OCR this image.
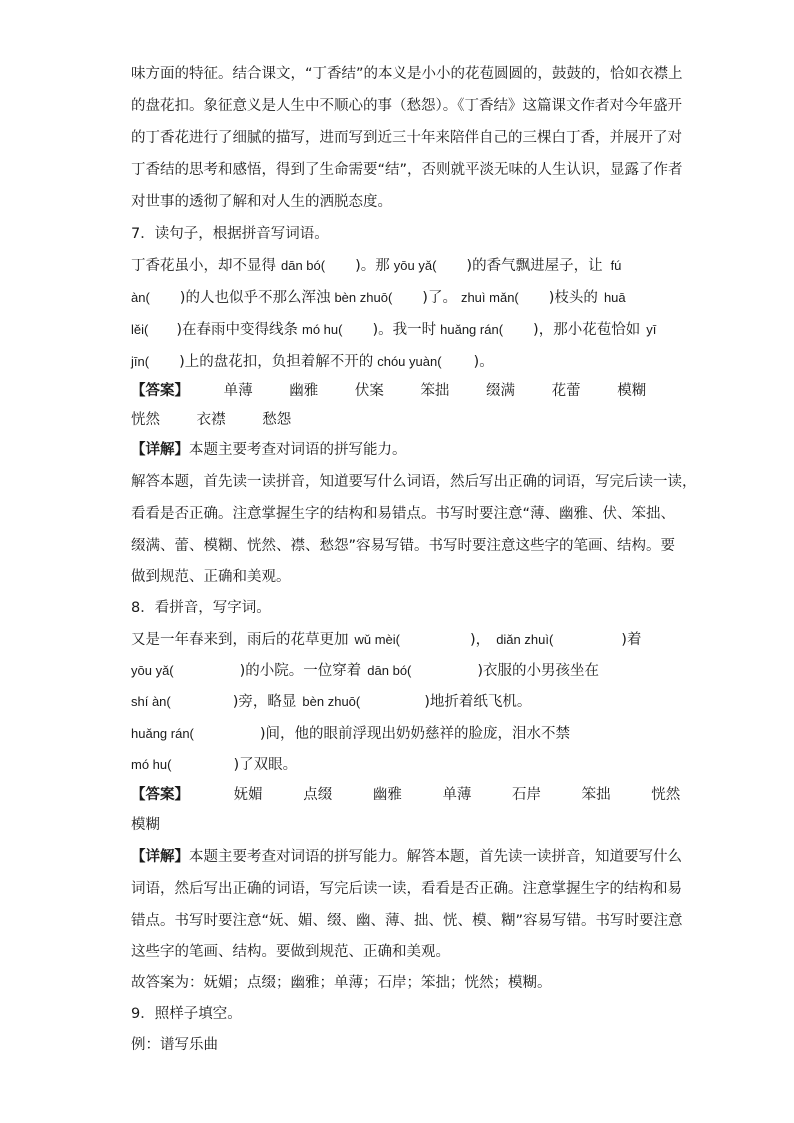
味方面的特征。结合课文，“丁香结”的本义是小小的花苞圆圆的，鼓鼓的，恰如衣襟上
的盘花扣。象征意义是人生中不顺心的事（愁怨）。《丁香结》这篇课文作者对今年盛开
的丁香花进行了细腻的描写，进而写到近三十年来陪伴自己的三棵白丁香，并展开了对
丁香结的思考和感悟，得到了生命需要“结”，否则就平淡无味的人生认识，显露了作者
对世事的透彻了解和对人生的洒脱态度。
7．读句子，根据拼音写词语。
丁香花虽小，却不显得 dān bó( )。那 yōu yǎ( )的香气飘进屋子，让 fú
àn( )的人也似乎不那么浑浊 bèn zhuō( )了。 zhuì mǎn( )枝头的 huā
lěi( )在春雨中变得线条 mó hu( )。我一时 huǎng rán( )，那小花苞恰如 yī
jīn( )上的盘花扣，负担着解不开的 chóu yuàn( )。
【答案】 单薄	幽雅	伏案	笨拙	缀满	花蕾	模糊
恍然	衣襟	愁怨
【详解】本题主要考查对词语的拼写能力。
解答本题，首先读一读拼音，知道要写什么词语，然后写出正确的词语，写完后读一读，
看看是否正确。注意掌握生字的结构和易错点。书写时要注意“薄、幽雅、伏、笨拙、
缀满、蕾、模糊、恍然、襟、愁怨”容易写错。书写时要注意这些字的笔画、结构。要
做到规范、正确和美观。
8．看拼音，写字词。
又是一年春来到，雨后的花草更加 wǔ mèi(	)， diǎn zhuì(	)着
yōu yǎ(	)的小院。一位穿着 dān bó(	)衣服的小男孩坐在
shí àn(	)旁，略显 bèn zhuō(	)地折着纸飞机。
huǎng rán(	)间，他的眼前浮现出奶奶慈祥的脸庞，泪水不禁
mó hu(	)了双眼。
【答案】	妩媚	点缀	幽雅	单薄	石岸	笨拙	恍然
模糊
【详解】本题主要考查对词语的拼写能力。解答本题，首先读一读拼音，知道要写什么
词语，然后写出正确的词语，写完后读一读，看看是否正确。注意掌握生字的结构和易
错点。书写时要注意“妩、媚、缀、幽、薄、拙、恍、模、糊”容易写错。书写时要注意
这些字的笔画、结构。要做到规范、正确和美观。
故答案为：妩媚；点缀；幽雅；单薄；石岸；笨拙；恍然；模糊。
9．照样子填空。
例：谱写乐曲
